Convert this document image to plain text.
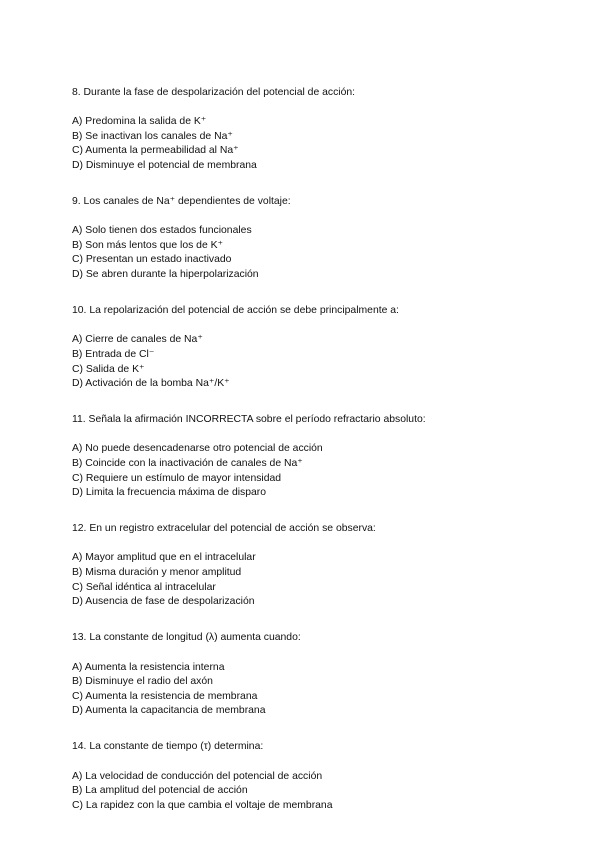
8. Durante la fase de despolarización del potencial de acción:
A) Predomina la salida de K⁺
B) Se inactivan los canales de Na⁺
C) Aumenta la permeabilidad al Na⁺
D) Disminuye el potencial de membrana
9. Los canales de Na⁺ dependientes de voltaje:
A) Solo tienen dos estados funcionales
B) Son más lentos que los de K⁺
C) Presentan un estado inactivado
D) Se abren durante la hiperpolarización
10. La repolarización del potencial de acción se debe principalmente a:
A) Cierre de canales de Na⁺
B) Entrada de Cl⁻
C) Salida de K⁺
D) Activación de la bomba Na⁺/K⁺
11. Señala la afirmación INCORRECTA sobre el período refractario absoluto:
A) No puede desencadenarse otro potencial de acción
B) Coincide con la inactivación de canales de Na⁺
C) Requiere un estímulo de mayor intensidad
D) Limita la frecuencia máxima de disparo
12. En un registro extracelular del potencial de acción se observa:
A) Mayor amplitud que en el intracelular
B) Misma duración y menor amplitud
C) Señal idéntica al intracelular
D) Ausencia de fase de despolarización
13. La constante de longitud (λ) aumenta cuando:
A) Aumenta la resistencia interna
B) Disminuye el radio del axón
C) Aumenta la resistencia de membrana
D) Aumenta la capacitancia de membrana
14. La constante de tiempo (τ) determina:
A) La velocidad de conducción del potencial de acción
B) La amplitud del potencial de acción
C) La rapidez con la que cambia el voltaje de membrana
